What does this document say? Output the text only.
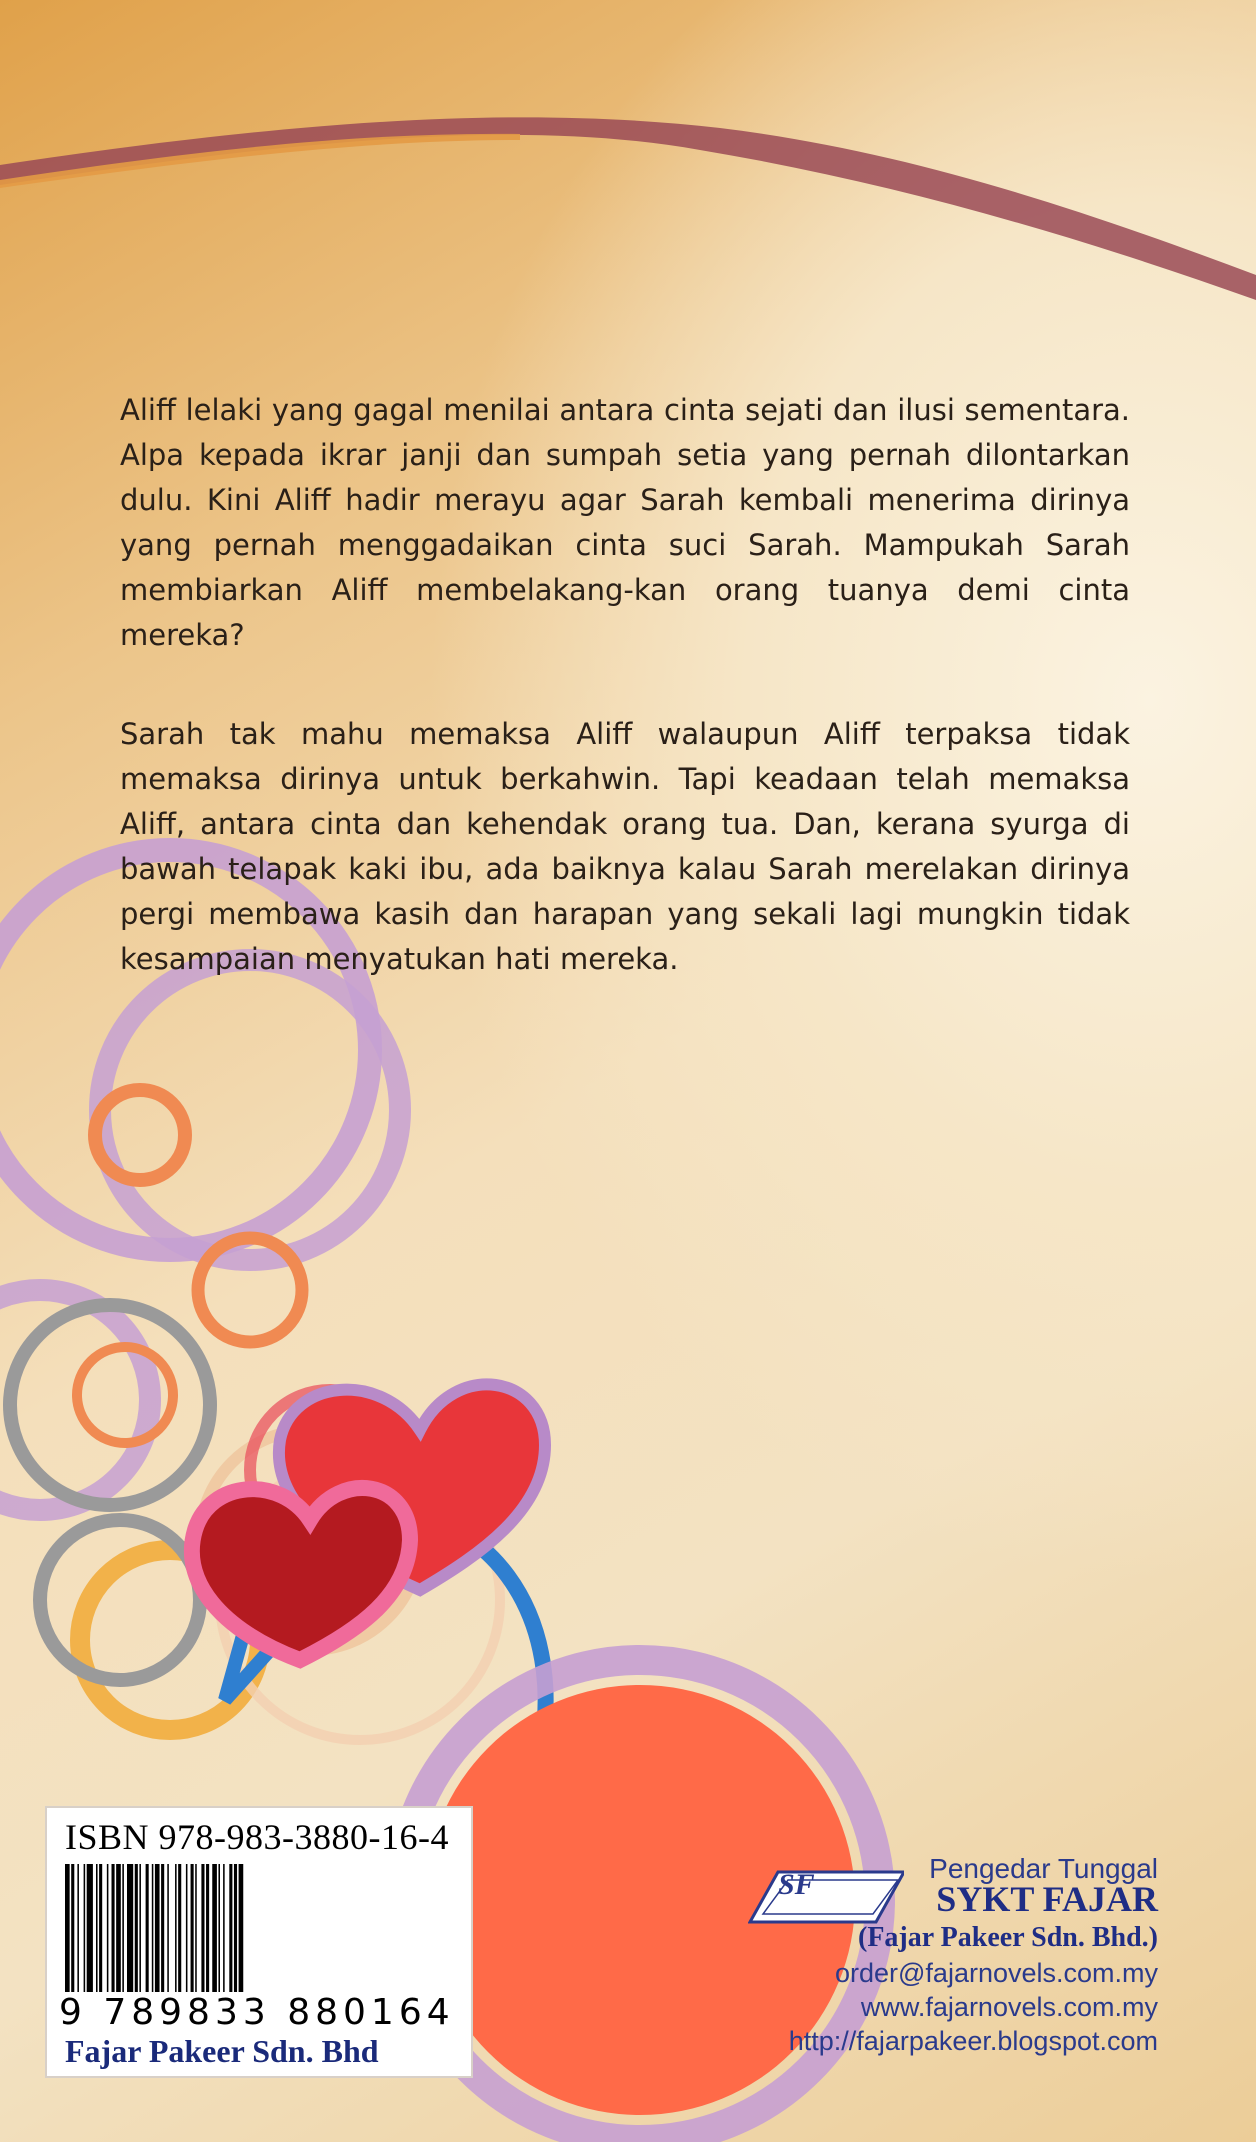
Aliff lelaki yang gagal menilai antara cinta sejati dan ilusi sementara. Alpa kepada ikrar janji dan sumpah setia yang pernah dilontarkan dulu. Kini Aliff hadir merayu agar Sarah kembali menerima dirinya yang pernah menggadaikan cinta suci Sarah. Mampukah Sarah membiarkan Aliff membelakang-kan orang tuanya demi cinta mereka?

Sarah tak mahu memaksa Aliff walaupun Aliff terpaksa tidak memaksa dirinya untuk berkahwin. Tapi keadaan telah memaksa Aliff, antara cinta dan kehendak orang tua. Dan, kerana syurga di bawah telapak kaki ibu, ada baiknya kalau Sarah merelakan dirinya pergi membawa kasih dan harapan yang sekali lagi mungkin tidak kesampaian menyatukan hati mereka.

ISBN 978-983-3880-16-4
9 789833 880164
Fajar Pakeer Sdn. Bhd
SF	Pengedar Tunggal
SYKT FAJAR
(Fajar Pakeer Sdn. Bhd.)
order@fajarnovels.com.my
www.fajarnovels.com.my
http://fajarpakeer.blogspot.com
